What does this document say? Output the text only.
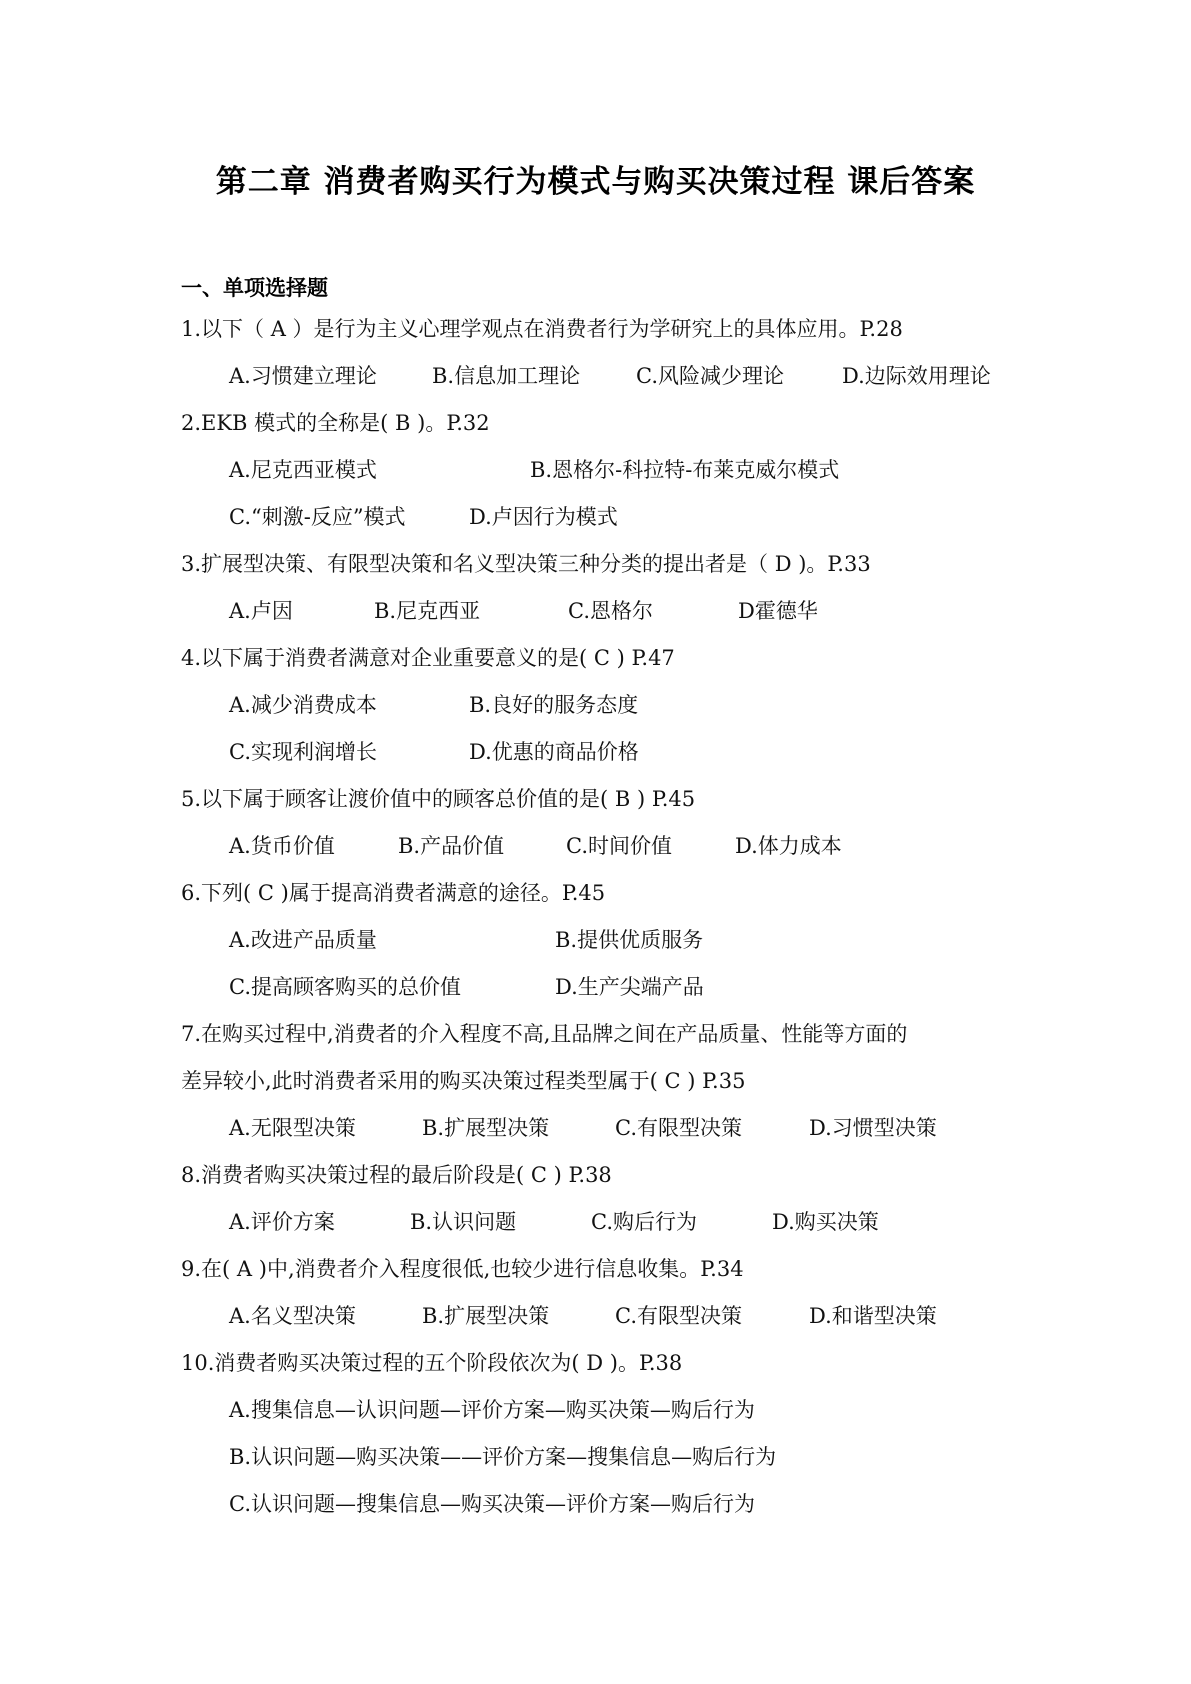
第二章 消费者购买行为模式与购买决策过程 课后答案
一、单项选择题
1.以下（ A ）是行为主义心理学观点在消费者行为学研究上的具体应用。P.28
A.习惯建立理论	B.信息加工理论	C.风险减少理论	D.边际效用理论
2.EKB 模式的全称是( B )。P.32
A.尼克西亚模式	B.恩格尔-科拉特-布莱克威尔模式
C.“刺激-反应”模式	D.卢因行为模式
3.扩展型决策、有限型决策和名义型决策三种分类的提出者是（ D )。P.33
A.卢因	B.尼克西亚	C.恩格尔	D霍德华
4.以下属于消费者满意对企业重要意义的是( C ) P.47
A.减少消费成本	B.良好的服务态度
C.实现利润增长	D.优惠的商品价格
5.以下属于顾客让渡价值中的顾客总价值的是( B ) P.45
A.货币价值	B.产品价值	C.时间价值	D.体力成本
6.下列( C )属于提高消费者满意的途径。P.45
A.改进产品质量	B.提供优质服务
C.提高顾客购买的总价值	D.生产尖端产品
7.在购买过程中,消费者的介入程度不高,且品牌之间在产品质量、性能等方面的
差异较小,此时消费者采用的购买决策过程类型属于( C ) P.35
A.无限型决策	B.扩展型决策	C.有限型决策	D.习惯型决策
8.消费者购买决策过程的最后阶段是( C ) P.38
A.评价方案	B.认识问题	C.购后行为	D.购买决策
9.在( A )中,消费者介入程度很低,也较少进行信息收集。P.34
A.名义型决策	B.扩展型决策	C.有限型决策	D.和谐型决策
10.消费者购买决策过程的五个阶段依次为( D )。P.38
A.搜集信息—认识问题—评价方案—购买决策—购后行为
B.认识问题—购买决策——评价方案—搜集信息—购后行为
C.认识问题—搜集信息—购买决策—评价方案—购后行为
